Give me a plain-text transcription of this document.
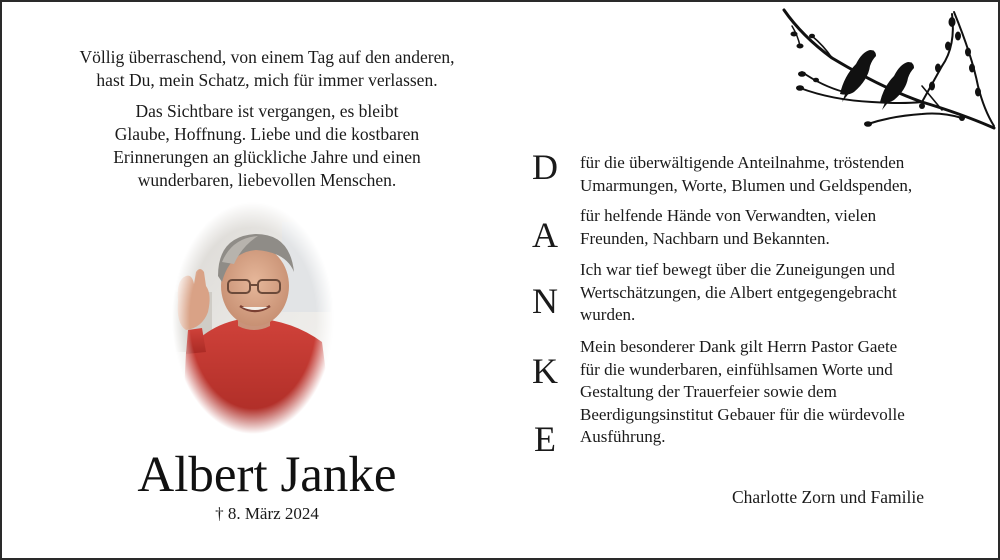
Völlig überraschend, von einem Tag auf den anderen,
hast Du, mein Schatz, mich für immer verlassen.
Das Sichtbare ist vergangen, es bleibt
Glaube, Hoffnung. Liebe und die kostbaren
Erinnerungen an glückliche Jahre und einen
wunderbaren, liebevollen Menschen.
Albert Janke
† 8. März 2024
D	für die überwältigende Anteilnahme, tröstenden
Umarmungen, Worte, Blumen und Geldspenden,
A	für helfende Hände von Verwandten, vielen
Freunden, Nachbarn und Bekannten.
N
Ich war tief bewegt über die Zuneigungen und
Wertschätzungen, die Albert entgegengebracht
wurden.
K
Mein besonderer Dank gilt Herrn Pastor Gaete
für die wunderbaren, einfühlsamen Worte und
Gestaltung der Trauerfeier sowie dem
Beerdigungsinstitut Gebauer für die würdevolle
Ausführung.
E
Charlotte Zorn und Familie
